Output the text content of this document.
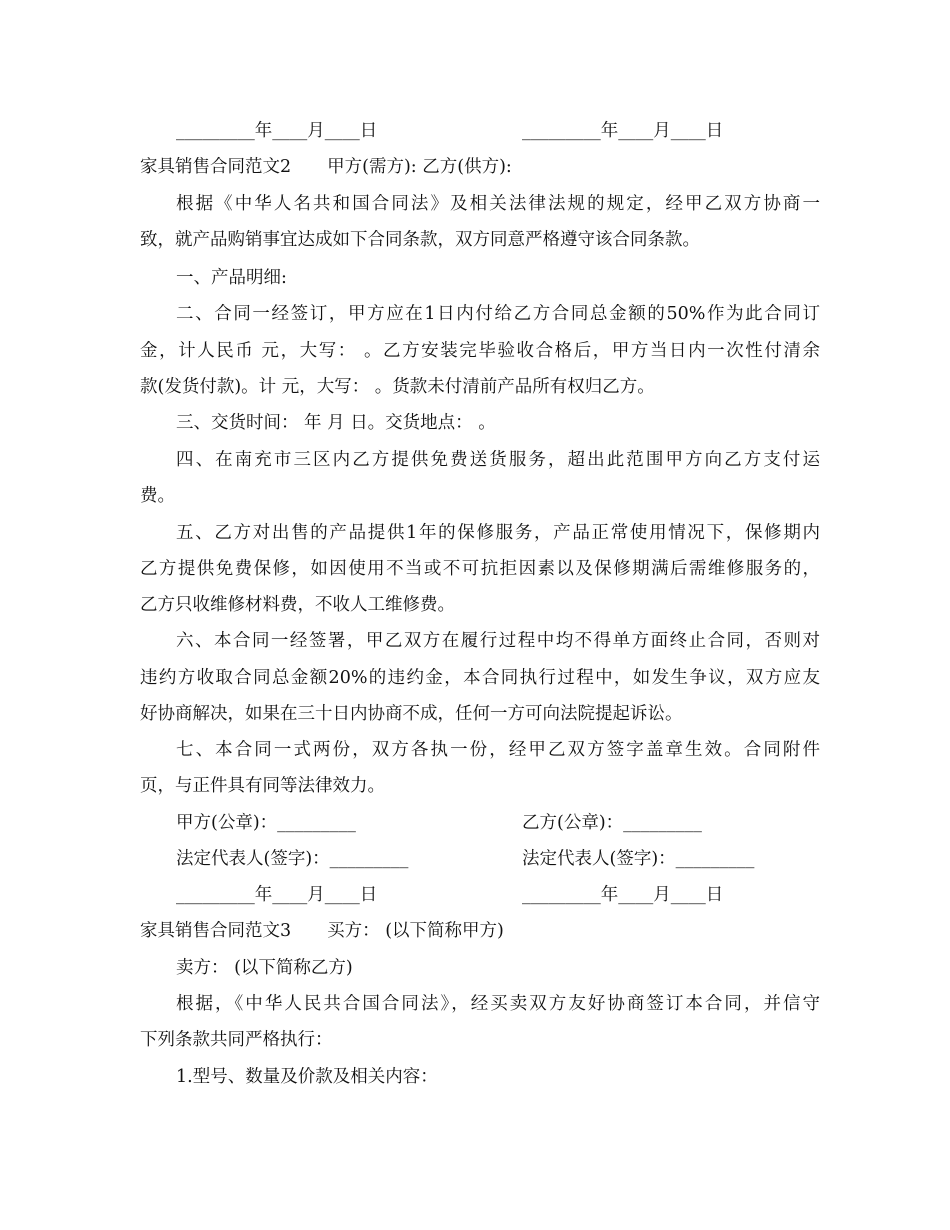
_________年____月____日	_________年____月____日
家具销售合同范文2 甲方(需方): 乙方(供方):
根据《中华人名共和国合同法》及相关法律法规的规定，经甲乙双方协商一
致，就产品购销事宜达成如下合同条款，双方同意严格遵守该合同条款。
一、产品明细:
二、合同一经签订，甲方应在1日内付给乙方合同总金额的50%作为此合同订
金，计人民币 元，大写： 。乙方安装完毕验收合格后，甲方当日内一次性付清余
款(发货付款)。计 元，大写： 。货款未付清前产品所有权归乙方。
三、交货时间： 年 月 日。交货地点： 。
四、在南充市三区内乙方提供免费送货服务，超出此范围甲方向乙方支付运
费。
五、乙方对出售的产品提供1年的保修服务，产品正常使用情况下，保修期内
乙方提供免费保修，如因使用不当或不可抗拒因素以及保修期满后需维修服务的，
乙方只收维修材料费，不收人工维修费。
六、本合同一经签署，甲乙双方在履行过程中均不得单方面终止合同，否则对
违约方收取合同总金额20%的违约金，本合同执行过程中，如发生争议，双方应友
好协商解决，如果在三十日内协商不成，任何一方可向法院提起诉讼。
七、本合同一式两份，双方各执一份，经甲乙双方签字盖章生效。合同附件
页，与正件具有同等法律效力。
甲方(公章)：_________	乙方(公章)：_________
法定代表人(签字)：_________	法定代表人(签字)：_________
_________年____月____日	_________年____月____日
家具销售合同范文3 买方： (以下简称甲方)
卖方： (以下简称乙方)
根据，《中华人民共合国合同法》，经买卖双方友好协商签订本合同，并信守
下列条款共同严格执行：
1.型号、数量及价款及相关内容：
